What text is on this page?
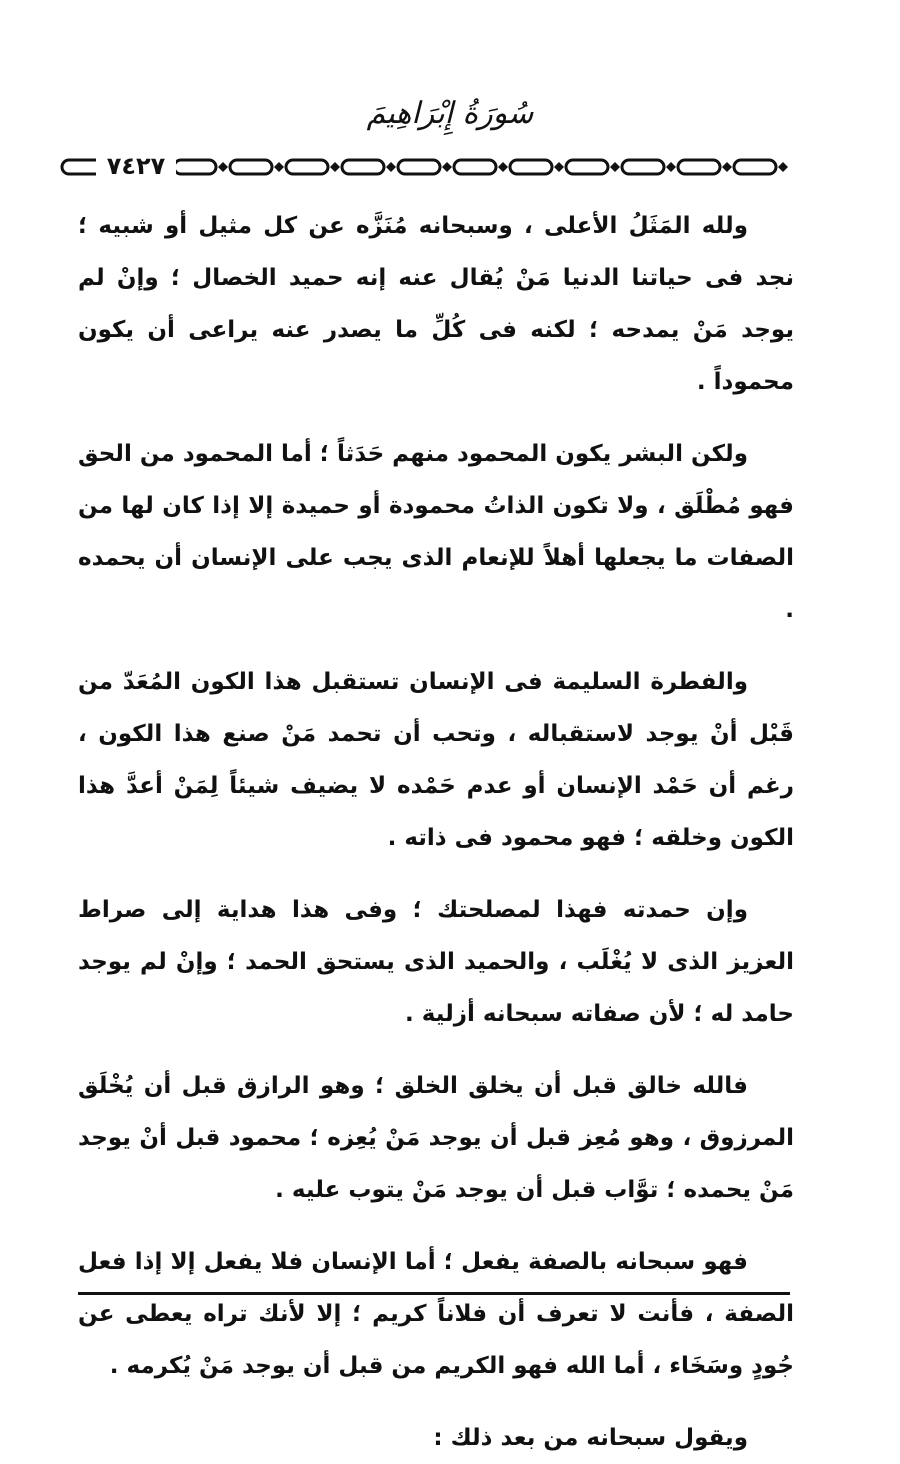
سُورَةُ إِبْرَاهِيمَ
٧٤٢٧

ولله المَثَلُ الأعلى ، وسبحانه مُنَزَّه عن كل مثيل أو شبيه ؛ نجد فى حياتنا الدنيا مَنْ يُقال عنه إنه حميد الخصال ؛ وإنْ لم يوجد مَنْ يمدحه ؛ لكنه فى كُلِّ ما يصدر عنه يراعى أن يكون محموداً .

ولكن البشر يكون المحمود منهم حَدَثاً ؛ أما المحمود من الحق فهو مُطْلَق ، ولا تكون الذاتُ محمودة أو حميدة إلا إذا كان لها من الصفات ما يجعلها أهلاً للإنعام الذى يجب على الإنسان أن يحمده .

والفطرة السليمة فى الإنسان تستقبل هذا الكون المُعَدّ من قَبْل أنْ يوجد لاستقباله ، وتحب أن تحمد مَنْ صنع هذا الكون ، رغم أن حَمْد الإنسان أو عدم حَمْده لا يضيف شيئاً لِمَنْ أعدَّ هذا الكون وخلقه ؛ فهو محمود فى ذاته .

وإن حمدته فهذا لمصلحتك ؛ وفى هذا هداية إلى صراط العزيز الذى لا يُغْلَب ، والحميد الذى يستحق الحمد ؛ وإنْ لم يوجد حامد له ؛ لأن صفاته سبحانه أزلية .

فالله خالق قبل أن يخلق الخلق ؛ وهو الرازق قبل أن يُخْلَق المرزوق ، وهو مُعِز قبل أن يوجد مَنْ يُعِزه ؛ محمود قبل أنْ يوجد مَنْ يحمده ؛ توَّاب قبل أن يوجد مَنْ يتوب عليه .

فهو سبحانه بالصفة يفعل ؛ أما الإنسان فلا يفعل إلا إذا فعل الصفة ، فأنت لا تعرف أن فلاناً كريم ؛ إلا لأنك تراه يعطى عن جُودٍ وسَخَاء ، أما الله فهو الكريم من قبل أن يوجد مَنْ يُكرمه .

ويقول سبحانه من بعد ذلك :
